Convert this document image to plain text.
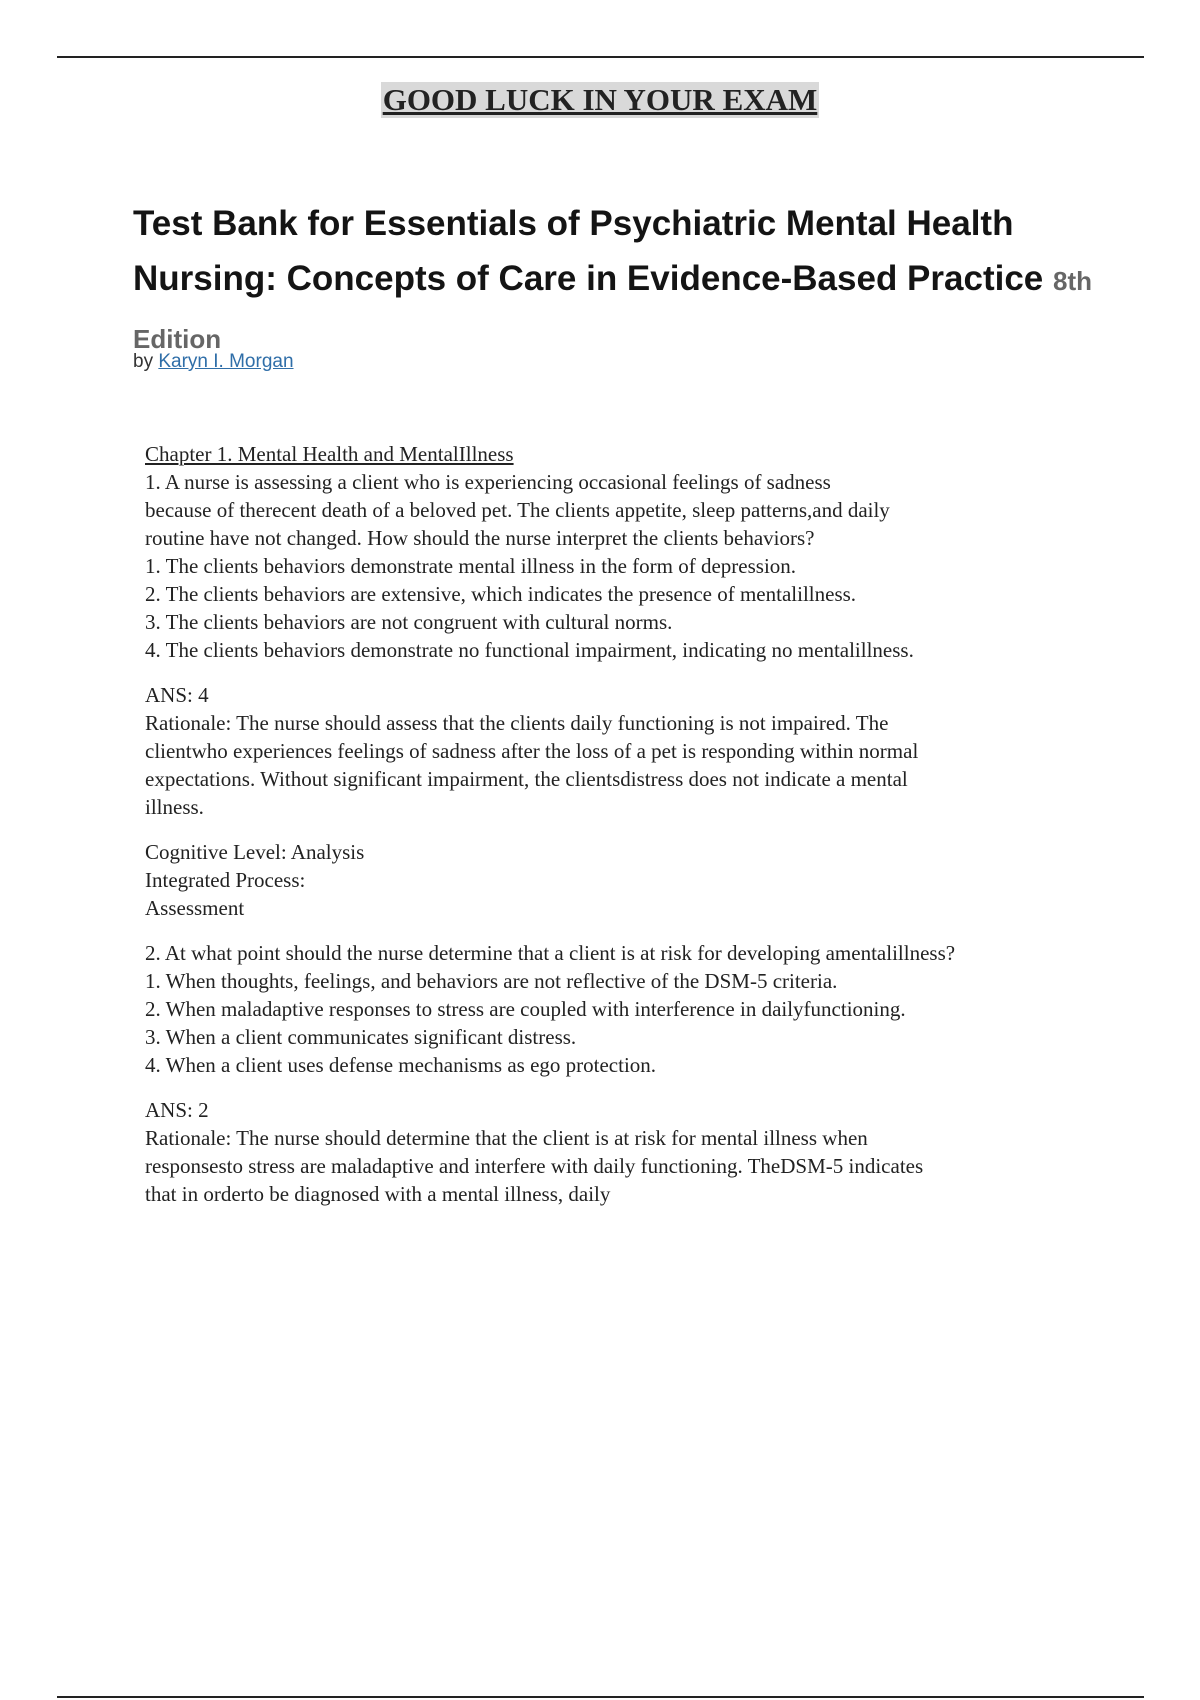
GOOD LUCK IN YOUR EXAM
Test Bank for Essentials of Psychiatric Mental Health Nursing: Concepts of Care in Evidence-Based Practice 8th Edition
by Karyn I. Morgan
Chapter 1. Mental Health and MentalIllness
1. A nurse is assessing a client who is experiencing occasional feelings of sadness
because of therecent death of a beloved pet. The clients appetite, sleep patterns,and daily
routine have not changed. How should the nurse interpret the clients behaviors?
1. The clients behaviors demonstrate mental illness in the form of depression.
2. The clients behaviors are extensive, which indicates the presence of mentalillness.
3. The clients behaviors are not congruent with cultural norms.
4. The clients behaviors demonstrate no functional impairment, indicating no mentalillness.
ANS: 4
Rationale: The nurse should assess that the clients daily functioning is not impaired. The
clientwho experiences feelings of sadness after the loss of a pet is responding within normal
expectations. Without significant impairment, the clientsdistress does not indicate a mental
illness.
Cognitive Level: Analysis
Integrated Process:
Assessment
2. At what point should the nurse determine that a client is at risk for developing amentalillness?
1. When thoughts, feelings, and behaviors are not reflective of the DSM-5 criteria.
2. When maladaptive responses to stress are coupled with interference in dailyfunctioning.
3. When a client communicates significant distress.
4. When a client uses defense mechanisms as ego protection.
ANS: 2
Rationale: The nurse should determine that the client is at risk for mental illness when
responsesto stress are maladaptive and interfere with daily functioning. TheDSM-5 indicates
that in orderto be diagnosed with a mental illness, daily
